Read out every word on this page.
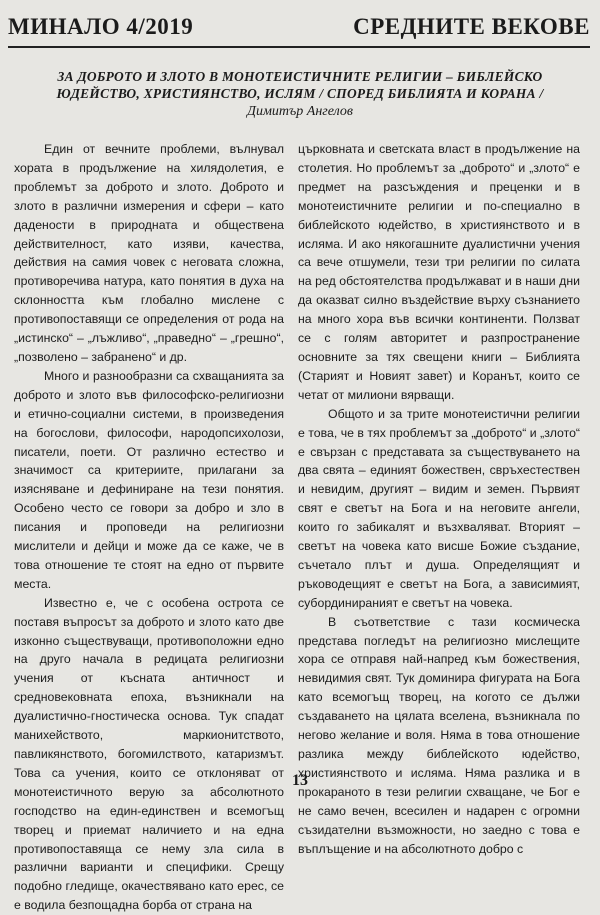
МИНАЛО 4/2019	СРЕДНИТЕ ВЕКОВЕ
ЗА ДОБРОТО И ЗЛОТО В МОНОТЕИСТИЧНИТЕ РЕЛИГИИ – БИБЛЕЙСКО
ЮДЕЙСТВО, ХРИСТИЯНСТВО, ИСЛЯМ / СПОРЕД БИБЛИЯТА И КОРАНА /
Димитър Ангелов

Един от вечните проблеми, вълнувал хората в продължение на хилядолетия, е проблемът за доброто и злото. Доброто и злото в различни измерения и сфери – като дадености в природната и обществена действителност, като изяви, качества, действия на самия човек с неговата сложна, противоречива натура, като понятия в духа на склонността към глобално мислене с противопоставящи се определения от рода на „истинско“ – „лъжливо“, „праведно“ – „грешно“, „позволено – забранено“ и др.

Много и разнообразни са схващанията за доброто и злото във философско-религиозни и етично-социални системи, в произведения на богослови, философи, народопсихолози, писатели, поети. От различно естество и значимост са критериите, прилагани за изясняване и дефиниране на тези понятия. Особено често се говори за добро и зло в писания и проповеди на религиозни мислители и дейци и може да се каже, че в това отношение те стоят на едно от първите места.

Известно е, че с особена острота се поставя въпросът за доброто и злото като две изконно съществуващи, противоположни едно на друго начала в редицата религиозни учения от късната античност и средновековната епоха, възникнали на дуалистично-гностическа основа. Тук спадат манихейството, маркионитството, павликянството, богомилството, катаризмът. Това са учения, които се отклоняват от монотеистичното верую за абсолютното господство на един-единствен и всемогъщ творец и приемат наличието и на една противопоставяща се нему зла сила в различни варианти и специфики. Срещу подобно гледище, окачествявано като ерес, се е водила безпощадна борба от страна на

църковната и светската власт в продължение на столетия. Но проблемът за „доброто“ и „злото“ е предмет на разсъждения и преценки и в монотеистичните религии и по-специално в библейското юдейство, в християнството и в исляма. И ако някогашните дуалистични учения са вече отшумели, тези три религии по силата на ред обстоятелства продължават и в наши дни да оказват силно въздействие върху съзнанието на много хора във всички континенти. Ползват се с голям авторитет и разпространение основните за тях свещени книги – Библията (Старият и Новият завет) и Коранът, които се четат от милиони вярващи.

Общото и за трите монотеистични религии е това, че в тях проблемът за „доброто“ и „злото“ е свързан с представата за съществуването на два свята – единият божествен, свръхестествен и невидим, другият – видим и земен. Първият свят е светът на Бога и на неговите ангели, които го забикалят и възхваляват. Вторият – светът на човека като висше Божие създание, съчетало плът и душа. Определящият и ръководещият е светът на Бога, а зависимият, субординираният е светът на човека.

В съответствие с тази космическа представа погледът на религиозно мислещите хора се отправя най-напред към божествения, невидимия свят. Тук доминира фигурата на Бога като всемогъщ творец, на когото се дължи създаването на цялата вселена, възникнала по негово желание и воля. Няма в това отношение разлика между библейското юдейство, християнството и исляма. Няма разлика и в прокараното в тези религии схващане, че Бог е не само вечен, всесилен и надарен с огромни съзидателни възможности, но заедно с това е въплъщение и на абсолютното добро с

13
